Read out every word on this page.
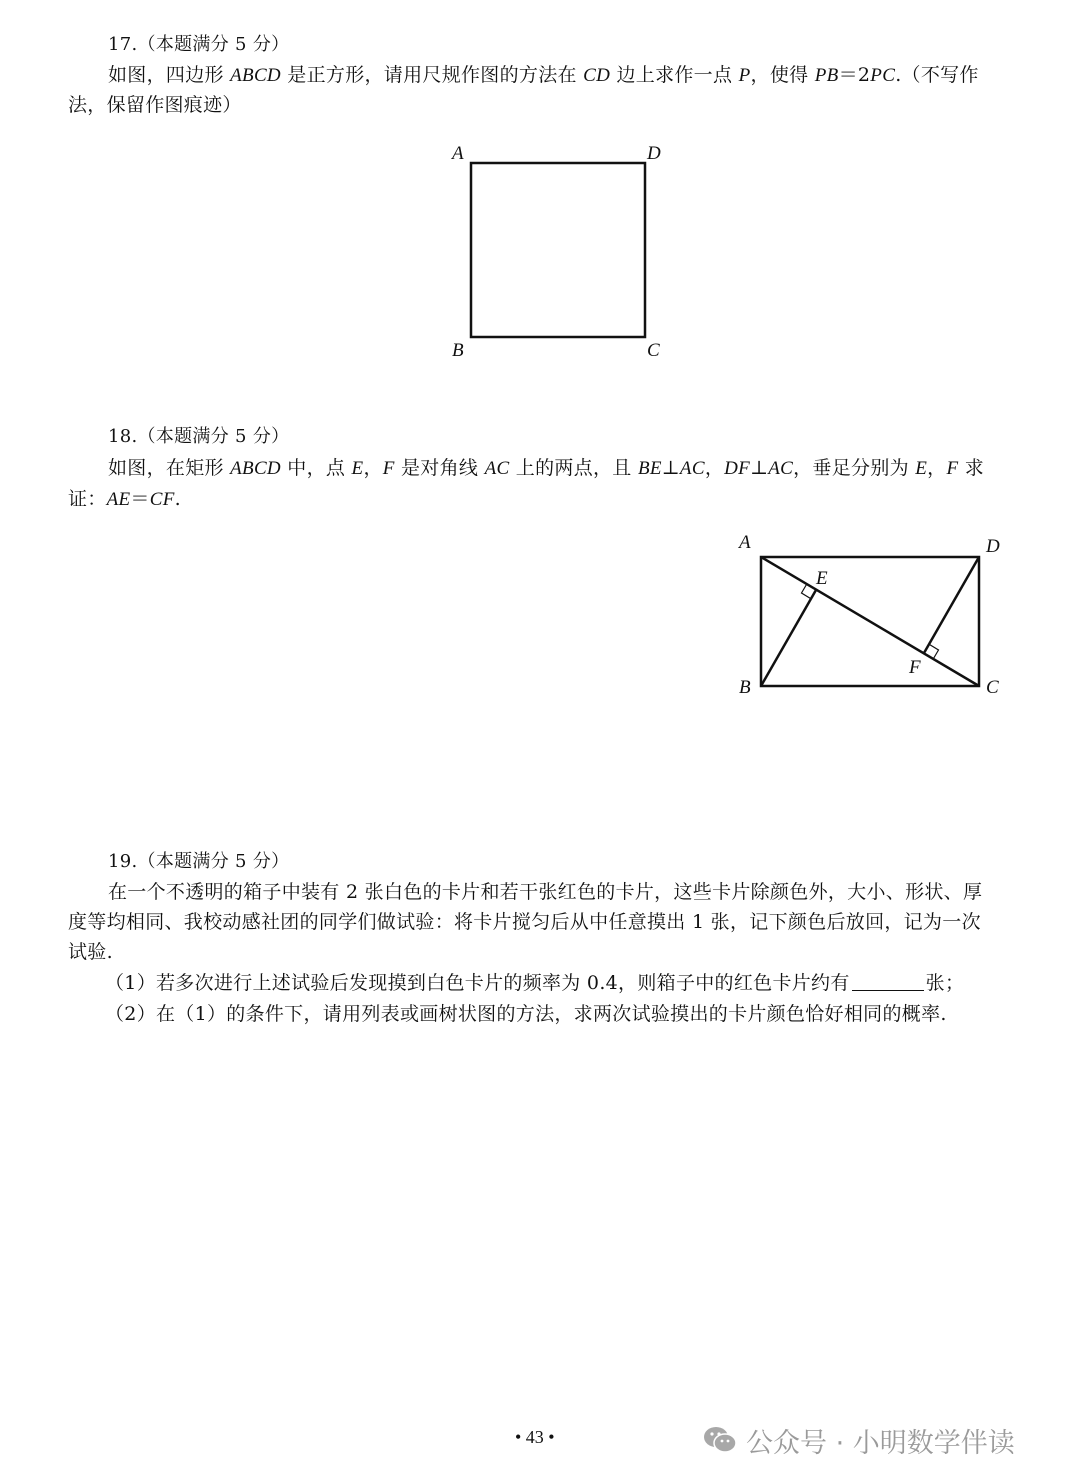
17.（本题满分 5 分）
如图，四边形 ABCD 是正方形，请用尺规作图的方法在 CD 边上求作一点 P，使得 PB＝2PC.（不写作
法，保留作图痕迹）
A	D
B	C
18.（本题满分 5 分）
如图，在矩形 ABCD 中，点 E，F 是对角线 AC 上的两点，且 BE⊥AC，DF⊥AC，垂足分别为 E，F 求
证：AE＝CF.
A	D
B	C
E
F
19.（本题满分 5 分）
在一个不透明的箱子中装有 2 张白色的卡片和若干张红色的卡片，这些卡片除颜色外，大小、形状、厚
度等均相同、我校动感社团的同学们做试验：将卡片搅匀后从中任意摸出 1 张，记下颜色后放回，记为一次
试验.
（1）若多次进行上述试验后发现摸到白色卡片的频率为 0.4，则箱子中的红色卡片约有	张；
（2）在（1）的条件下，请用列表或画树状图的方法，求两次试验摸出的卡片颜色恰好相同的概率.
• 43 •	公众号 · 小明数学伴读
